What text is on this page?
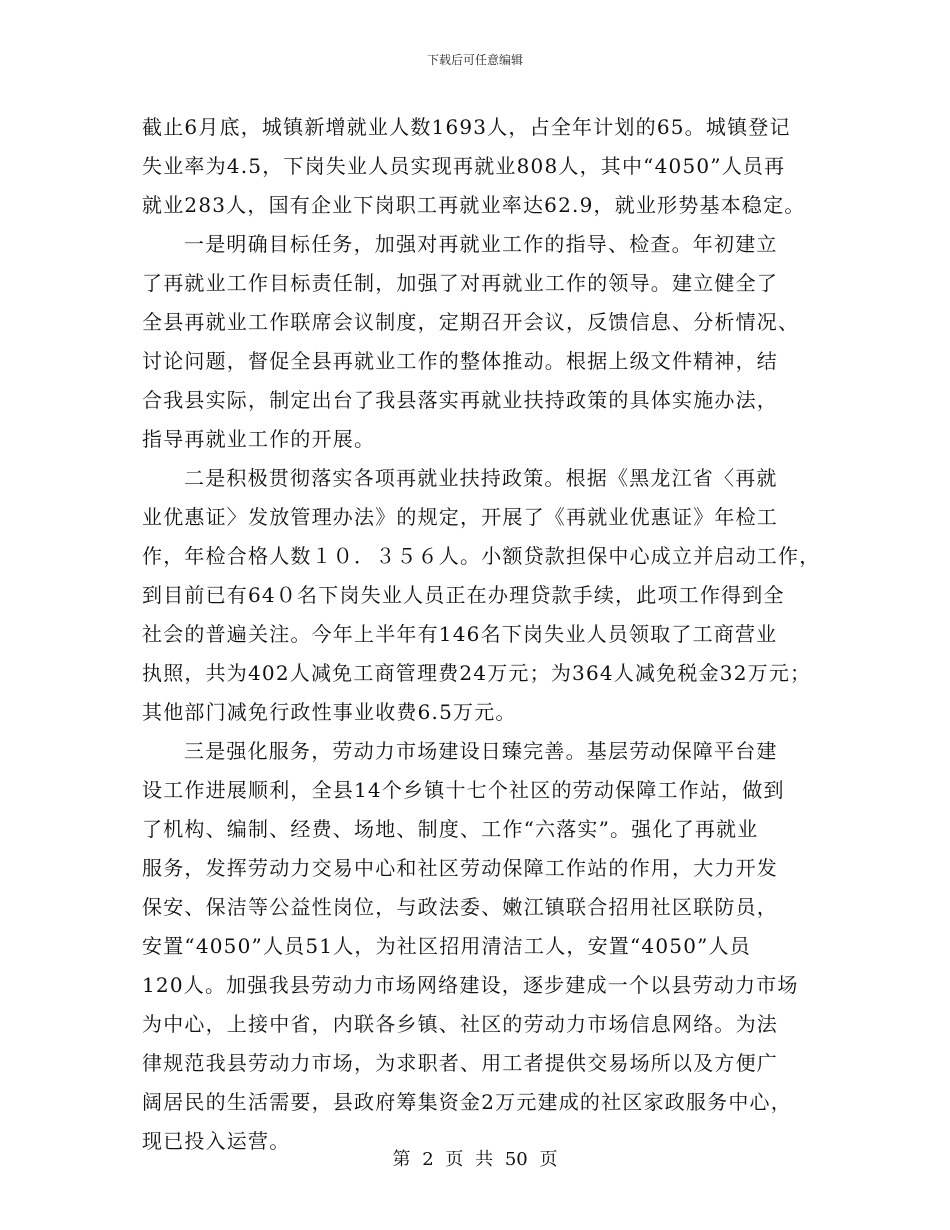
下载后可任意编辑
截止6月底，城镇新增就业人数1693人，占全年计划的65。城镇登记
失业率为4.5，下岗失业人员实现再就业808人，其中“4050”人员再
就业283人，国有企业下岗职工再就业率达62.9，就业形势基本稳定。
一是明确目标任务，加强对再就业工作的指导、检查。年初建立
了再就业工作目标责任制，加强了对再就业工作的领导。建立健全了
全县再就业工作联席会议制度，定期召开会议，反馈信息、分析情况、
讨论问题，督促全县再就业工作的整体推动。根据上级文件精神，结
合我县实际，制定出台了我县落实再就业扶持政策的具体实施办法，
指导再就业工作的开展。
二是积极贯彻落实各项再就业扶持政策。根据《黑龙江省〈再就
业优惠证〉发放管理办法》的规定，开展了《再就业优惠证》年检工
作，年检合格人数１０．３５６人。小额贷款担保中心成立并启动工作，
到目前已有64０名下岗失业人员正在办理贷款手续，此项工作得到全
社会的普遍关注。今年上半年有146名下岗失业人员领取了工商营业
执照，共为402人减免工商管理费24万元；为364人减免税金32万元；
其他部门减免行政性事业收费6.5万元。
三是强化服务，劳动力市场建设日臻完善。基层劳动保障平台建
设工作进展顺利，全县14个乡镇十七个社区的劳动保障工作站，做到
了机构、编制、经费、场地、制度、工作“六落实”。强化了再就业
服务，发挥劳动力交易中心和社区劳动保障工作站的作用，大力开发
保安、保洁等公益性岗位，与政法委、嫩江镇联合招用社区联防员，
安置“4050”人员51人，为社区招用清洁工人，安置“4050”人员
120人。加强我县劳动力市场网络建设，逐步建成一个以县劳动力市场
为中心，上接中省，内联各乡镇、社区的劳动力市场信息网络。为法
律规范我县劳动力市场，为求职者、用工者提供交易场所以及方便广
阔居民的生活需要，县政府筹集资金2万元建成的社区家政服务中心，
现已投入运营。
第 2 页 共 50 页
